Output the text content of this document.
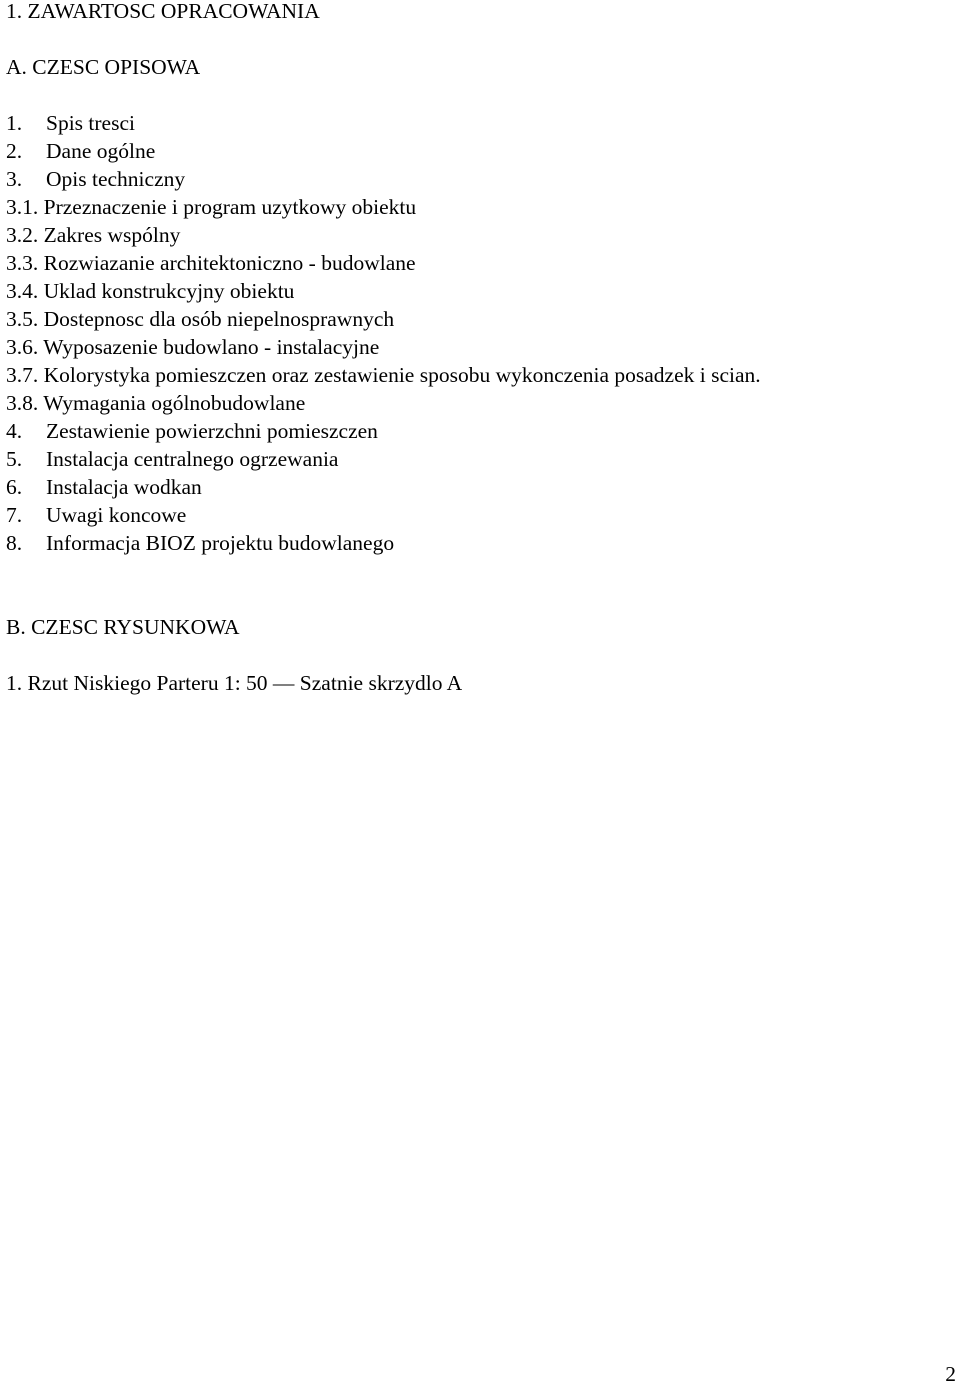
1. ZAWARTOSC OPRACOWANIA
A. CZESC OPISOWA
1. Spis tresci
2. Dane ogólne
3. Opis techniczny
3.1. Przeznaczenie i program uzytkowy obiektu
3.2. Zakres wspólny
3.3. Rozwiazanie architektoniczno - budowlane
3.4. Uklad konstrukcyjny obiektu
3.5. Dostepnosc dla osób niepelnosprawnych
3.6. Wyposazenie budowlano - instalacyjne
3.7. Kolorystyka pomieszczen oraz zestawienie sposobu wykonczenia posadzek i scian.
3.8. Wymagania ogólnobudowlane
4. Zestawienie powierzchni pomieszczen
5. Instalacja centralnego ogrzewania
6. Instalacja wodkan
7. Uwagi koncowe
8. Informacja BIOZ projektu budowlanego
B. CZESC RYSUNKOWA
1. Rzut Niskiego Parteru 1: 50 — Szatnie skrzydlo A
2
